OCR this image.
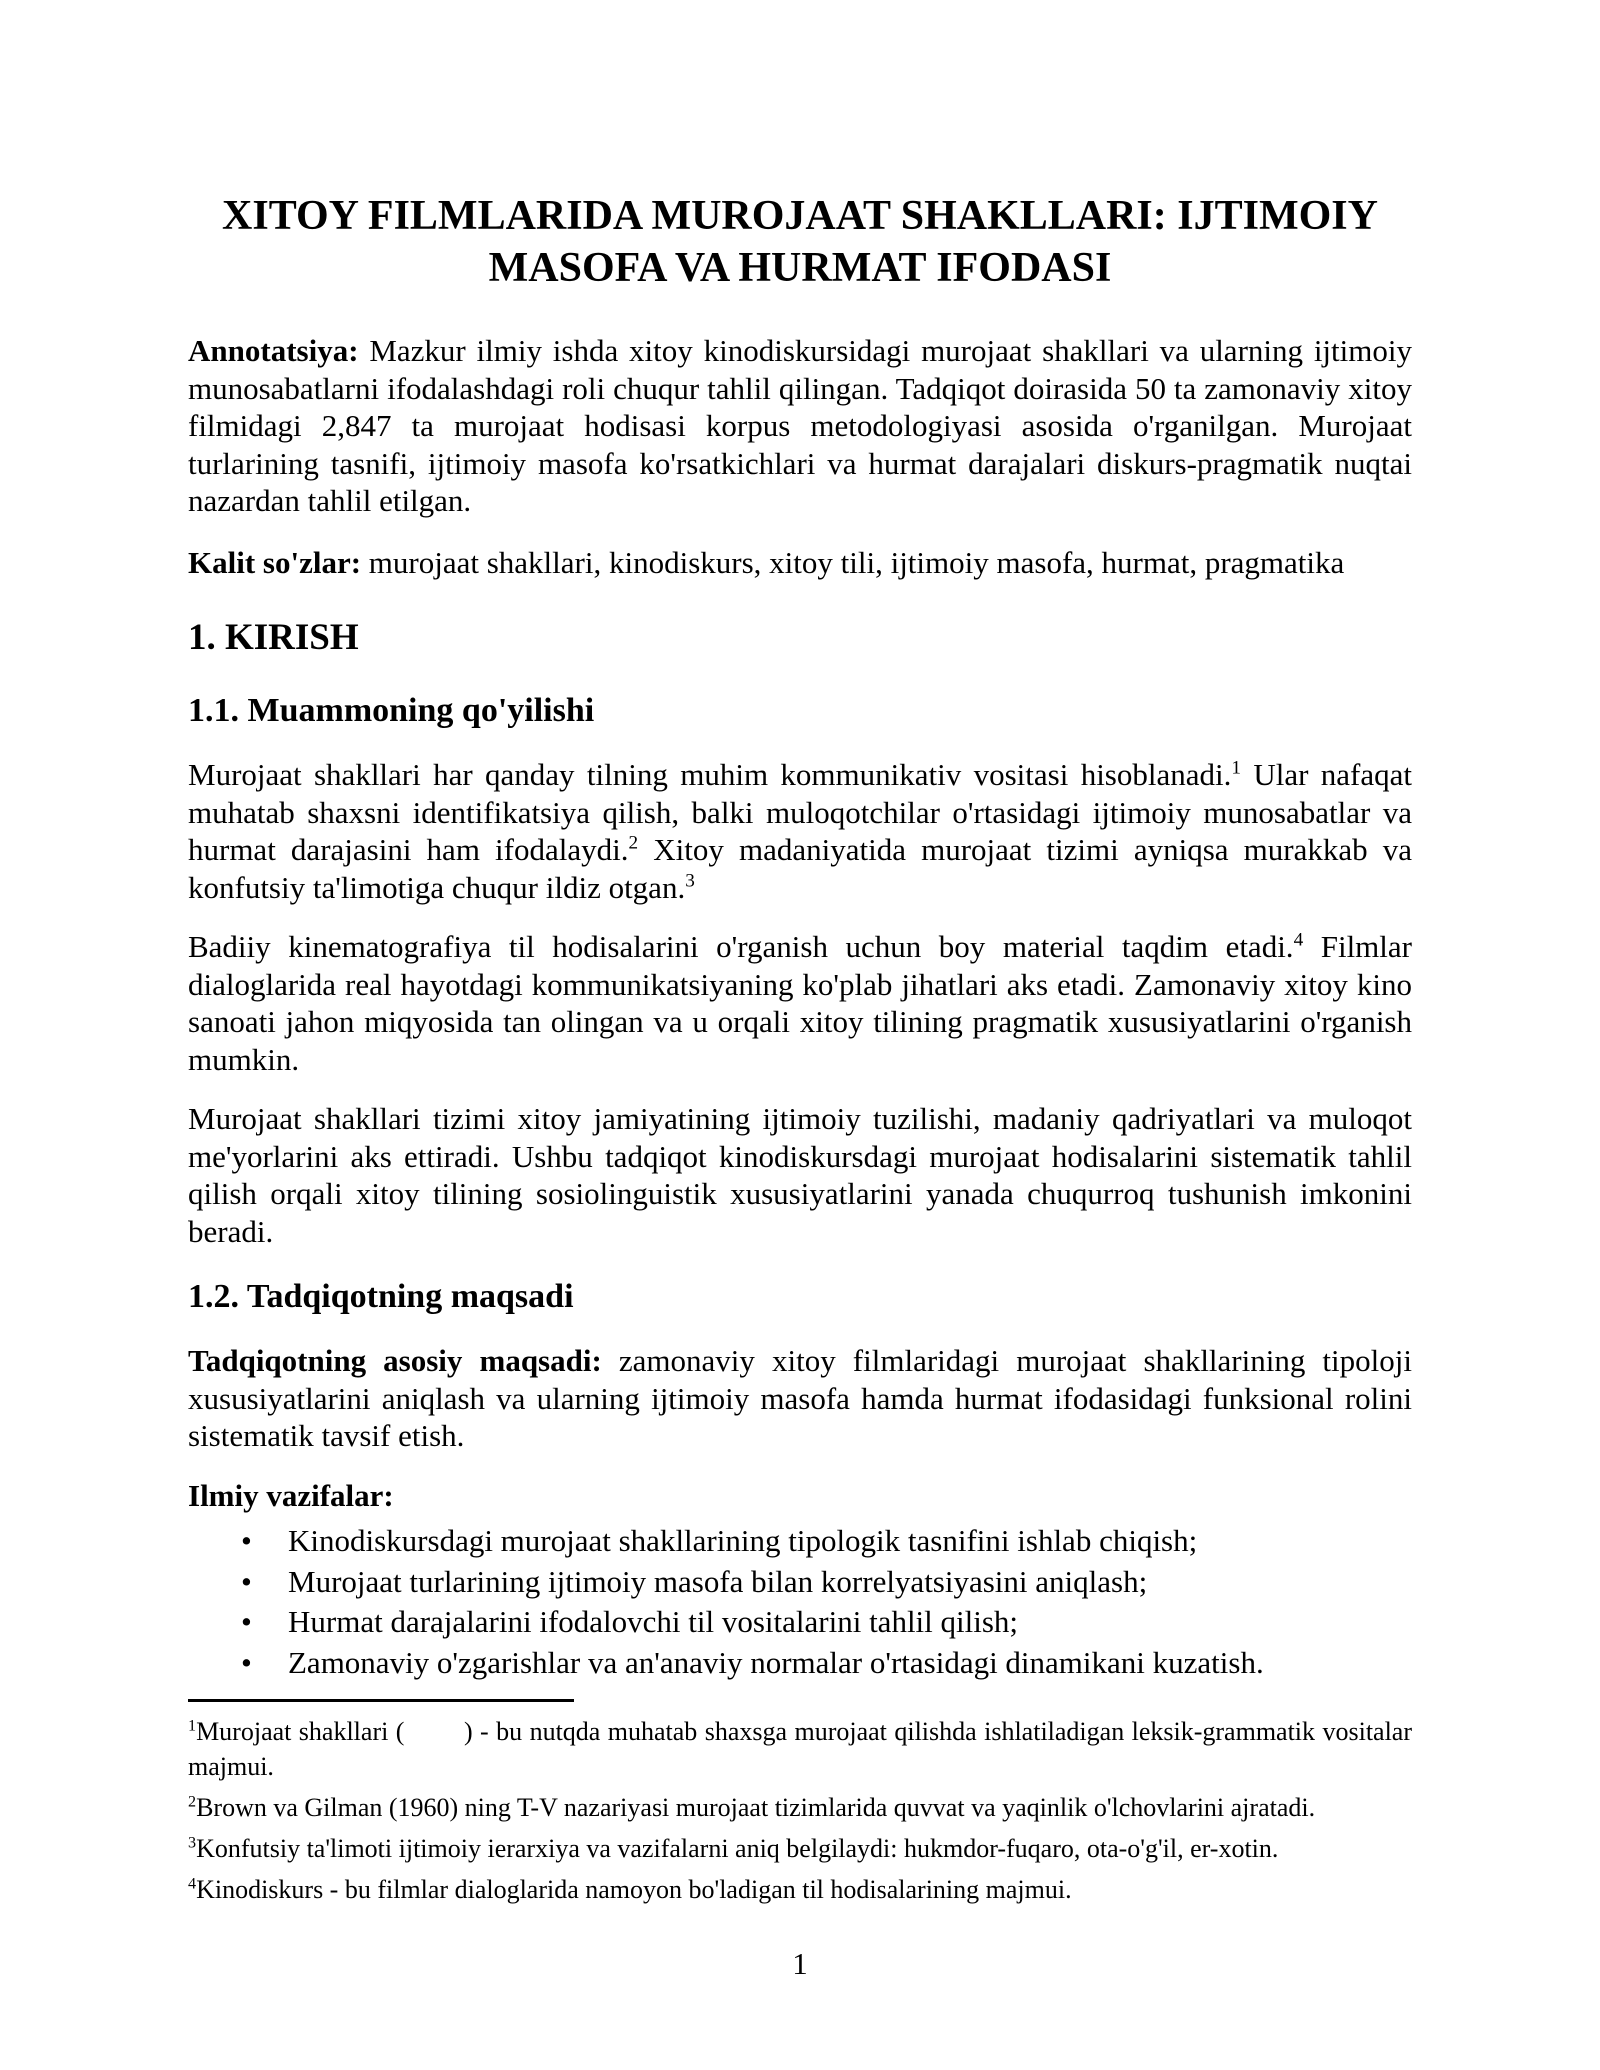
XITOY FILMLARIDA MUROJAAT SHAKLLARI: IJTIMOIY
MASOFA VA HURMAT IFODASI

Annotatsiya: Mazkur ilmiy ishda xitoy kinodiskursidagi murojaat shakllari va ularning ijtimoiy munosabatlarni ifodalashdagi roli chuqur tahlil qilingan. Tadqiqot doirasida 50 ta zamonaviy xitoy filmidagi 2,847 ta murojaat hodisasi korpus metodologiyasi asosida o'rganilgan. Murojaat turlarining tasnifi, ijtimoiy masofa ko'rsatkichlari va hurmat darajalari diskurs-pragmatik nuqtai nazardan tahlil etilgan.

Kalit so'zlar: murojaat shakllari, kinodiskurs, xitoy tili, ijtimoiy masofa, hurmat, pragmatika

1. KIRISH
1.1. Muammoning qo'yilishi

Murojaat shakllari har qanday tilning muhim kommunikativ vositasi hisoblanadi.$^1$ Ular nafaqat muhatab shaxsni identifikatsiya qilish, balki muloqotchilar o'rtasidagi ijtimoiy munosabatlar va hurmat darajasini ham ifodalaydi.$^2$ Xitoy madaniyatida murojaat tizimi ayniqsa murakkab va konfutsiy ta'limotiga chuqur ildiz otgan.$^3$

Badiiy kinematografiya til hodisalarini o'rganish uchun boy material taqdim etadi.$^4$ Filmlar dialoglarida real hayotdagi kommunikatsiyaning ko'plab jihatlari aks etadi. Zamonaviy xitoy kino sanoati jahon miqyosida tan olingan va u orqali xitoy tilining pragmatik xususiyatlarini o'rganish mumkin.

Murojaat shakllari tizimi xitoy jamiyatining ijtimoiy tuzilishi, madaniy qadriyatlari va muloqot me'yorlarini aks ettiradi. Ushbu tadqiqot kinodiskursdagi murojaat hodisalarini sistematik tahlil qilish orqali xitoy tilining sosiolinguistik xususiyatlarini yanada chuqurroq tushunish imkonini beradi.

1.2. Tadqiqotning maqsadi

Tadqiqotning asosiy maqsadi: zamonaviy xitoy filmlaridagi murojaat shakllarining tipoloji xususiyatlarini aniqlash va ularning ijtimoiy masofa hamda hurmat ifodasidagi funksional rolini sistematik tavsif etish.

Ilmiy vazifalar:

• Kinodiskursdagi murojaat shakllarining tipologik tasnifini ishlab chiqish;
• Murojaat turlarining ijtimoiy masofa bilan korrelyatsiyasini aniqlash;
• Hurmat darajalarini ifodalovchi til vositalarini tahlil qilish;
• Zamonaviy o'zgarishlar va an'anaviy normalar o'rtasidagi dinamikani kuzatish.

$^1$Murojaat shakllari (        ) - bu nutqda muhatab shaxsga murojaat qilishda ishlatiladigan leksik-grammatik vositalar majmui.

$^2$Brown va Gilman (1960) ning T-V nazariyasi murojaat tizimlarida quvvat va yaqinlik o'lchovlarini ajratadi.

$^3$Konfutsiy ta'limoti ijtimoiy ierarxiya va vazifalarni aniq belgilaydi: hukmdor-fuqaro, ota-o'g'il, er-xotin.

$^4$Kinodiskurs - bu filmlar dialoglarida namoyon bo'ladigan til hodisalarining majmui.

1
